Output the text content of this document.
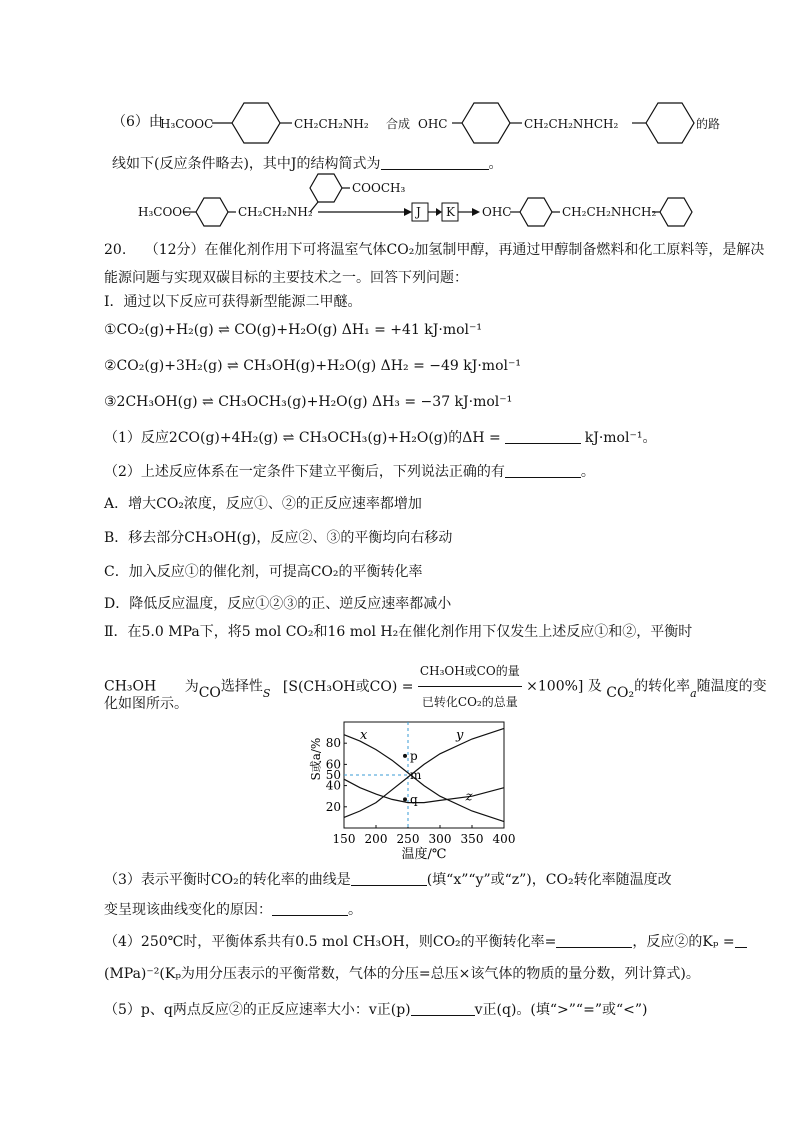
（6）由
H₃COOC	CH₂CH₂NH₂ 合成 OHC	CH₂CH₂NHCH₂	的路
H₃COOC	CH₂CH₂NH₂
COOCH₃
J K OHC	CH₂CH₂NHCH₂
线如下(反应条件略去)，其中J的结构简式为	。
20. （12分）在催化剂作用下可将温室气体CO₂加氢制甲醇，再通过甲醇制备燃料和化工原料等，是解决
能源问题与实现双碳目标的主要技术之一。回答下列问题：
Ⅰ．通过以下反应可获得新型能源二甲醚。
①CO₂(g)+H₂(g) ⇌ CO(g)+H₂O(g) ΔH₁ = +41 kJ·mol⁻¹
②CO₂(g)+3H₂(g) ⇌ CH₃OH(g)+H₂O(g) ΔH₂ = −49 kJ·mol⁻¹
③2CH₃OH(g) ⇌ CH₃OCH₃(g)+H₂O(g) ΔH₃ = −37 kJ·mol⁻¹
（1）反应2CO(g)+4H₂(g) ⇌ CH₃OCH₃(g)+H₂O(g)的ΔH =	kJ·mol⁻¹。
（2）上述反应体系在一定条件下建立平衡后，下列说法正确的有	。
A．增大CO₂浓度，反应①、②的正反应速率都增加
B．移去部分CH₃OH(g)，反应②、③的平衡均向右移动
C．加入反应①的催化剂，可提高CO₂的平衡转化率
D．降低反应温度，反应①②③的正、逆反应速率都减小
Ⅱ．在5.0 MPa下，将5 mol CO₂和16 mol H₂在催化剂作用下仅发生上述反应①和②，平衡时
CH₃OH 为CO选择性$_S$ [S(CH₃OH或$CO) = \frac{\text{CH₃OH或CO的量}}{\text{已转化CO₂的总量}} \times 100\%$] 及 CO₂的转化率$_a$随温度的变
化如图所示。
150 200 250 300 350 400
20
40
50
60
80
S或a/%
温度/℃
x	y
z
p
m
q
（3）表示平衡时CO₂的转化率的曲线是	(填“x”“y”或“z”)，CO₂转化率随温度改
变呈现该曲线变化的原因：	。
（4）250℃时，平衡体系共有0.5 mol CH₃OH，则CO₂的平衡转化率=	，反应②的Kₚ =
(MPa)⁻²(Kₚ为用分压表示的平衡常数，气体的分压=总压×该气体的物质的量分数，列计算式)。
（5）p、q两点反应②的正反应速率大小：v正(p)	v正(q)。(填“>”“=”或“<”)
